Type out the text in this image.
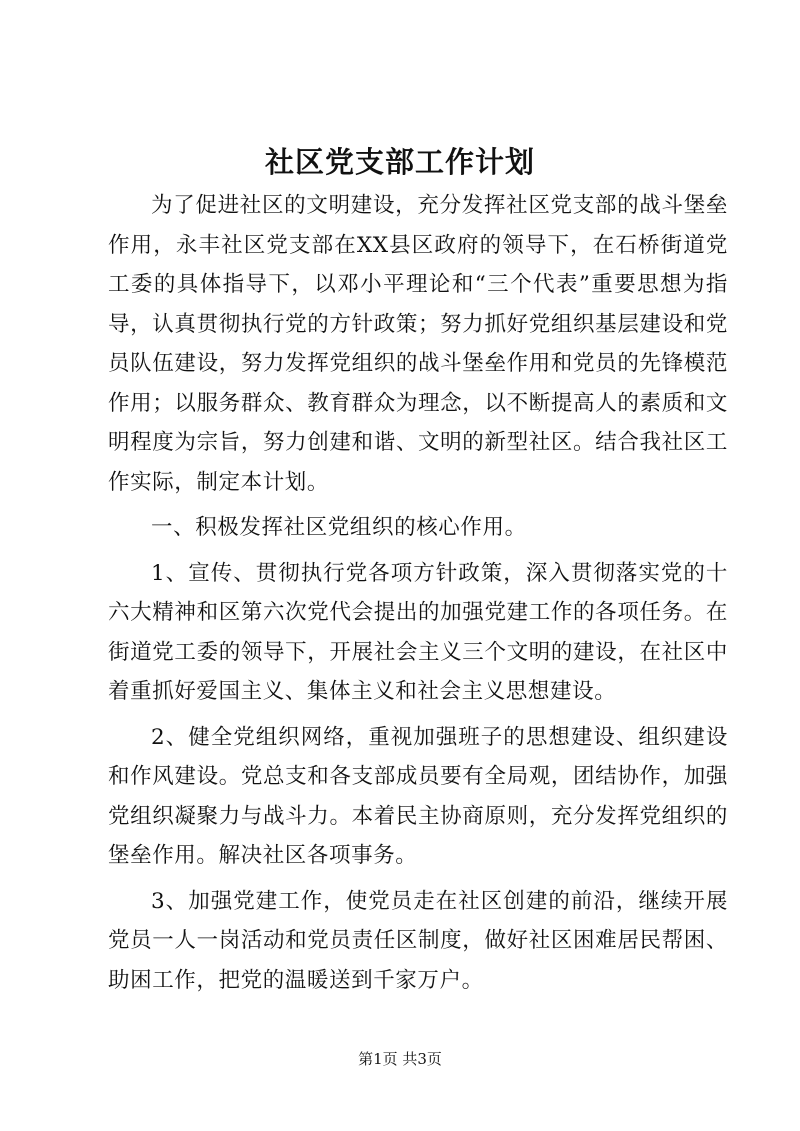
社区党支部工作计划

为了促进社区的文明建设，充分发挥社区党支部的战斗堡垒作用，永丰社区党支部在XX县区政府的领导下，在石桥街道党工委的具体指导下，以邓小平理论和“三个代表”重要思想为指导，认真贯彻执行党的方针政策；努力抓好党组织基层建设和党员队伍建设，努力发挥党组织的战斗堡垒作用和党员的先锋模范作用；以服务群众、教育群众为理念，以不断提高人的素质和文明程度为宗旨，努力创建和谐、文明的新型社区。结合我社区工作实际，制定本计划。

一、积极发挥社区党组织的核心作用。

1、宣传、贯彻执行党各项方针政策，深入贯彻落实党的十六大精神和区第六次党代会提出的加强党建工作的各项任务。在街道党工委的领导下，开展社会主义三个文明的建设，在社区中着重抓好爱国主义、集体主义和社会主义思想建设。

2、健全党组织网络，重视加强班子的思想建设、组织建设和作风建设。党总支和各支部成员要有全局观，团结协作，加强党组织凝聚力与战斗力。本着民主协商原则，充分发挥党组织的堡垒作用。解决社区各项事务。

3、加强党建工作，使党员走在社区创建的前沿，继续开展党员一人一岗活动和党员责任区制度，做好社区困难居民帮困、助困工作，把党的温暖送到千家万户。

第1页 共3页
